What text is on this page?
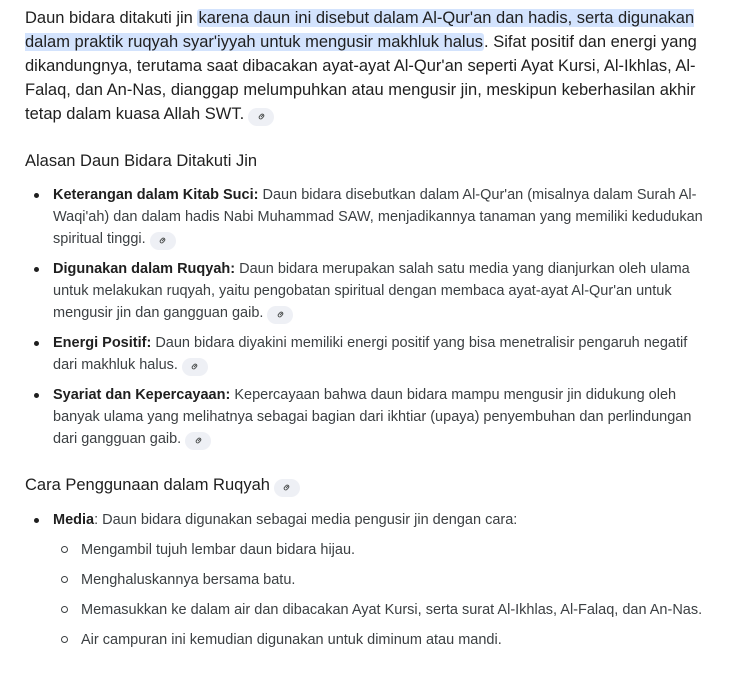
Daun bidara ditakuti jin karena daun ini disebut dalam Al-Qur'an dan hadis, serta digunakan dalam praktik ruqyah syar'iyyah untuk mengusir makhluk halus. Sifat positif dan energi yang dikandungnya, terutama saat dibacakan ayat-ayat Al-Qur'an seperti Ayat Kursi, Al-Ikhlas, Al-Falaq, dan An-Nas, dianggap melumpuhkan atau mengusir jin, meskipun keberhasilan akhir tetap dalam kuasa Allah SWT.

Alasan Daun Bidara Ditakuti Jin
Keterangan dalam Kitab Suci: Daun bidara disebutkan dalam Al-Qur'an (misalnya dalam Surah Al-Waqi'ah) dan dalam hadis Nabi Muhammad SAW, menjadikannya tanaman yang memiliki kedudukan spiritual tinggi.
Digunakan dalam Ruqyah: Daun bidara merupakan salah satu media yang dianjurkan oleh ulama untuk melakukan ruqyah, yaitu pengobatan spiritual dengan membaca ayat-ayat Al-Qur'an untuk mengusir jin dan gangguan gaib.
Energi Positif: Daun bidara diyakini memiliki energi positif yang bisa menetralisir pengaruh negatif dari makhluk halus.
Syariat dan Kepercayaan: Kepercayaan bahwa daun bidara mampu mengusir jin didukung oleh banyak ulama yang melihatnya sebagai bagian dari ikhtiar (upaya) penyembuhan dan perlindungan dari gangguan gaib.
Cara Penggunaan dalam Ruqyah
Media: Daun bidara digunakan sebagai media pengusir jin dengan cara:
Mengambil tujuh lembar daun bidara hijau.
Menghaluskannya bersama batu.
Memasukkan ke dalam air dan dibacakan Ayat Kursi, serta surat Al-Ikhlas, Al-Falaq, dan An-Nas.
Air campuran ini kemudian digunakan untuk diminum atau mandi.
